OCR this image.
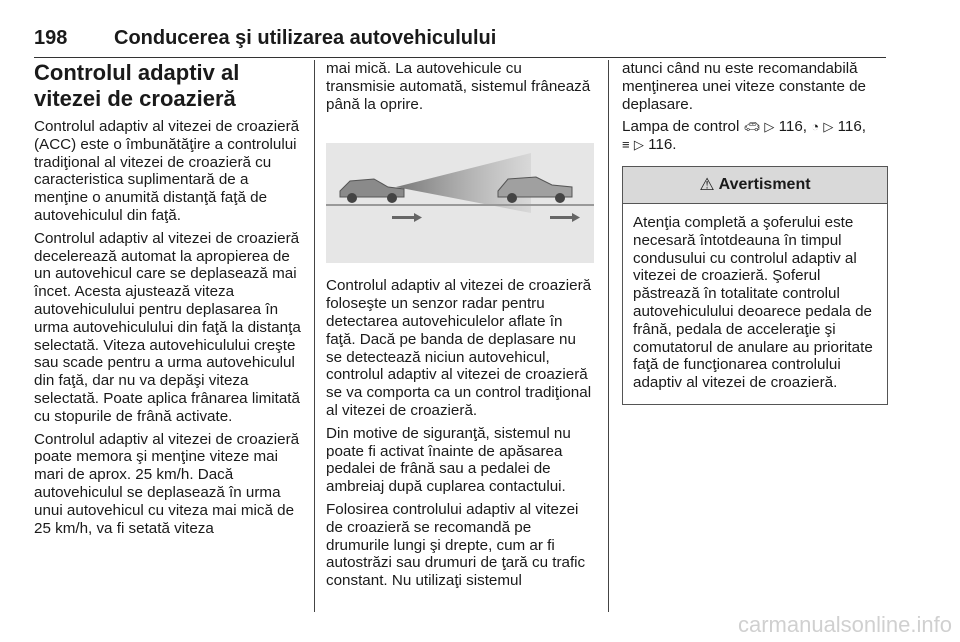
198 Conducerea şi utilizarea autovehiculului
Controlul adaptiv al vitezei de croazieră

Controlul adaptiv al vitezei de croazieră (ACC) este o îmbunătăţire a controlului tradiţional al vitezei de croazieră cu caracteristica suplimentară de a menţine o anumită distanţă faţă de autovehiculul din faţă.

Controlul adaptiv al vitezei de croazieră decelerează automat la apropierea de un autovehicul care se deplasează mai încet. Acesta ajustează viteza autovehiculului pentru deplasarea în urma autovehiculului din faţă la distanţa selectată. Viteza autovehiculului creşte sau scade pentru a urma autovehiculul din faţă, dar nu va depăşi viteza selectată. Poate aplica frânarea limitată cu stopurile de frână activate.

Controlul adaptiv al vitezei de croazieră poate memora şi menţine viteze mai mari de aprox. 25 km/h. Dacă autovehiculul se deplasează în urma unui autovehicul cu viteza mai mică de 25 km/h, va fi setată viteza

mai mică. La autovehicule cu transmisie automată, sistemul frânează până la oprire.

Controlul adaptiv al vitezei de croazieră foloseşte un senzor radar pentru detectarea autovehiculelor aflate în faţă. Dacă pe banda de deplasare nu se detectează niciun autovehicul, controlul adaptiv al vitezei de croazieră se va comporta ca un control tradiţional al vitezei de croazieră.

Din motive de siguranţă, sistemul nu poate fi activat înainte de apăsarea pedalei de frână sau a pedalei de ambreiaj după cuplarea contactului.

Folosirea controlului adaptiv al vitezei de croazieră se recomandă pe drumurile lungi şi drepte, cum ar fi autostrăzi sau drumuri de ţară cu trafic constant. Nu utilizaţi sistemul

atunci când nu este recomandabilă menţinerea unei viteze constante de deplasare.

Lampa de control 🚗︎ ▷ 116, ◔ ▷ 116,
≡ ▷ 116.

⚠︎ Avertisment
Atenţia completă a şoferului este necesară întotdeauna în timpul condusului cu controlul adaptiv al vitezei de croazieră. Şoferul păstrează în totalitate controlul autovehiculului deoarece pedala de frână, pedala de acceleraţie şi comutatorul de anulare au prioritate faţă de funcţionarea controlului adaptiv al vitezei de croazieră.
carmanualsonline.info
